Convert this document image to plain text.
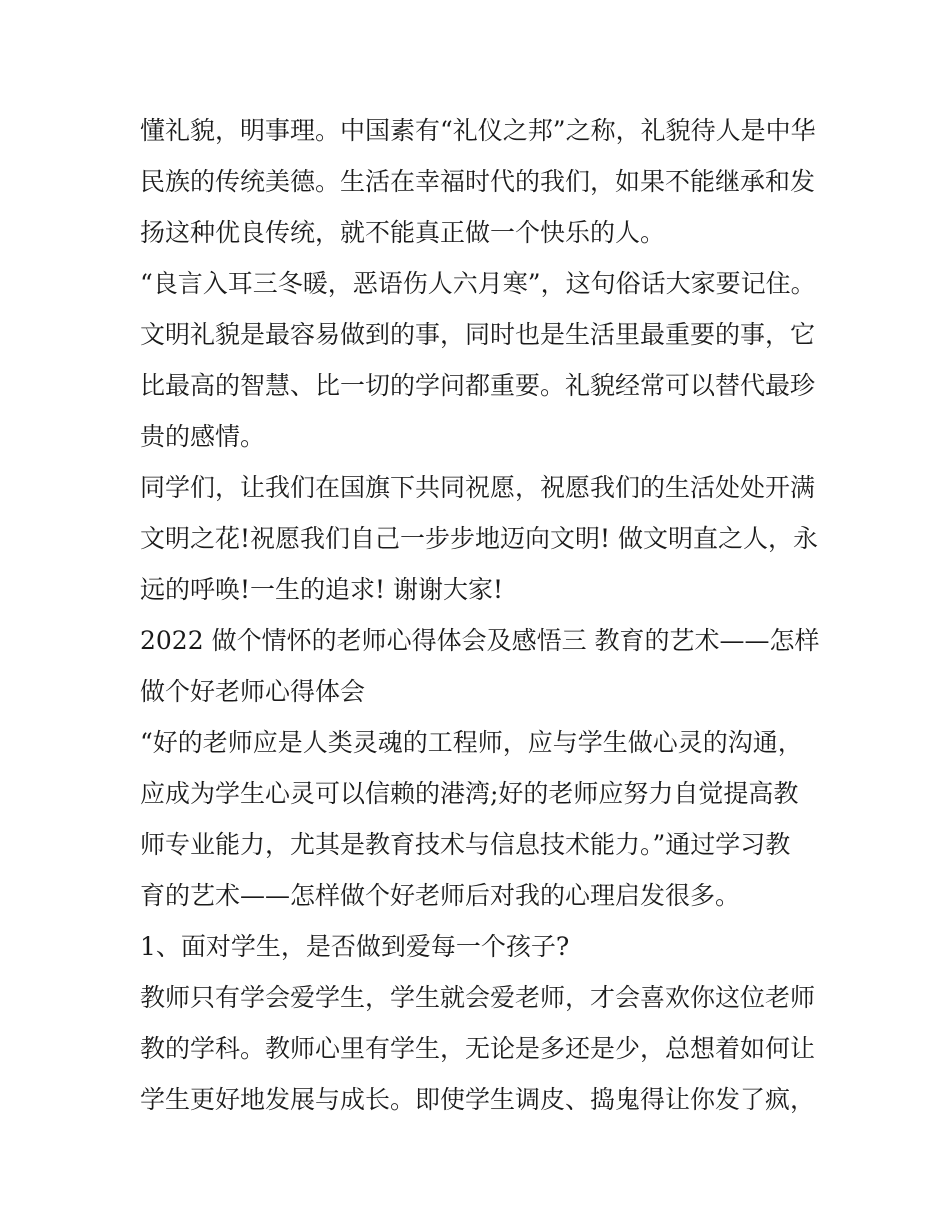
懂礼貌，明事理。中国素有“礼仪之邦”之称，礼貌待人是中华
民族的传统美德。生活在幸福时代的我们，如果不能继承和发
扬这种优良传统，就不能真正做一个快乐的人。
“良言入耳三冬暖，恶语伤人六月寒”，这句俗话大家要记住。
文明礼貌是最容易做到的事，同时也是生活里最重要的事，它
比最高的智慧、比一切的学问都重要。礼貌经常可以替代最珍
贵的感情。
同学们，让我们在国旗下共同祝愿，祝愿我们的生活处处开满
文明之花!祝愿我们自己一步步地迈向文明! 做文明直之人，永
远的呼唤!一生的追求! 谢谢大家!
2022 做个情怀的老师心得体会及感悟三 教育的艺术——怎样
做个好老师心得体会
“好的老师应是人类灵魂的工程师，应与学生做心灵的沟通，
应成为学生心灵可以信赖的港湾;好的老师应努力自觉提高教
师专业能力，尤其是教育技术与信息技术能力。”通过学习教
育的艺术——怎样做个好老师后对我的心理启发很多。
1、面对学生，是否做到爱每一个孩子?
教师只有学会爱学生，学生就会爱老师，才会喜欢你这位老师
教的学科。教师心里有学生，无论是多还是少，总想着如何让
学生更好地发展与成长。即使学生调皮、捣鬼得让你发了疯，
